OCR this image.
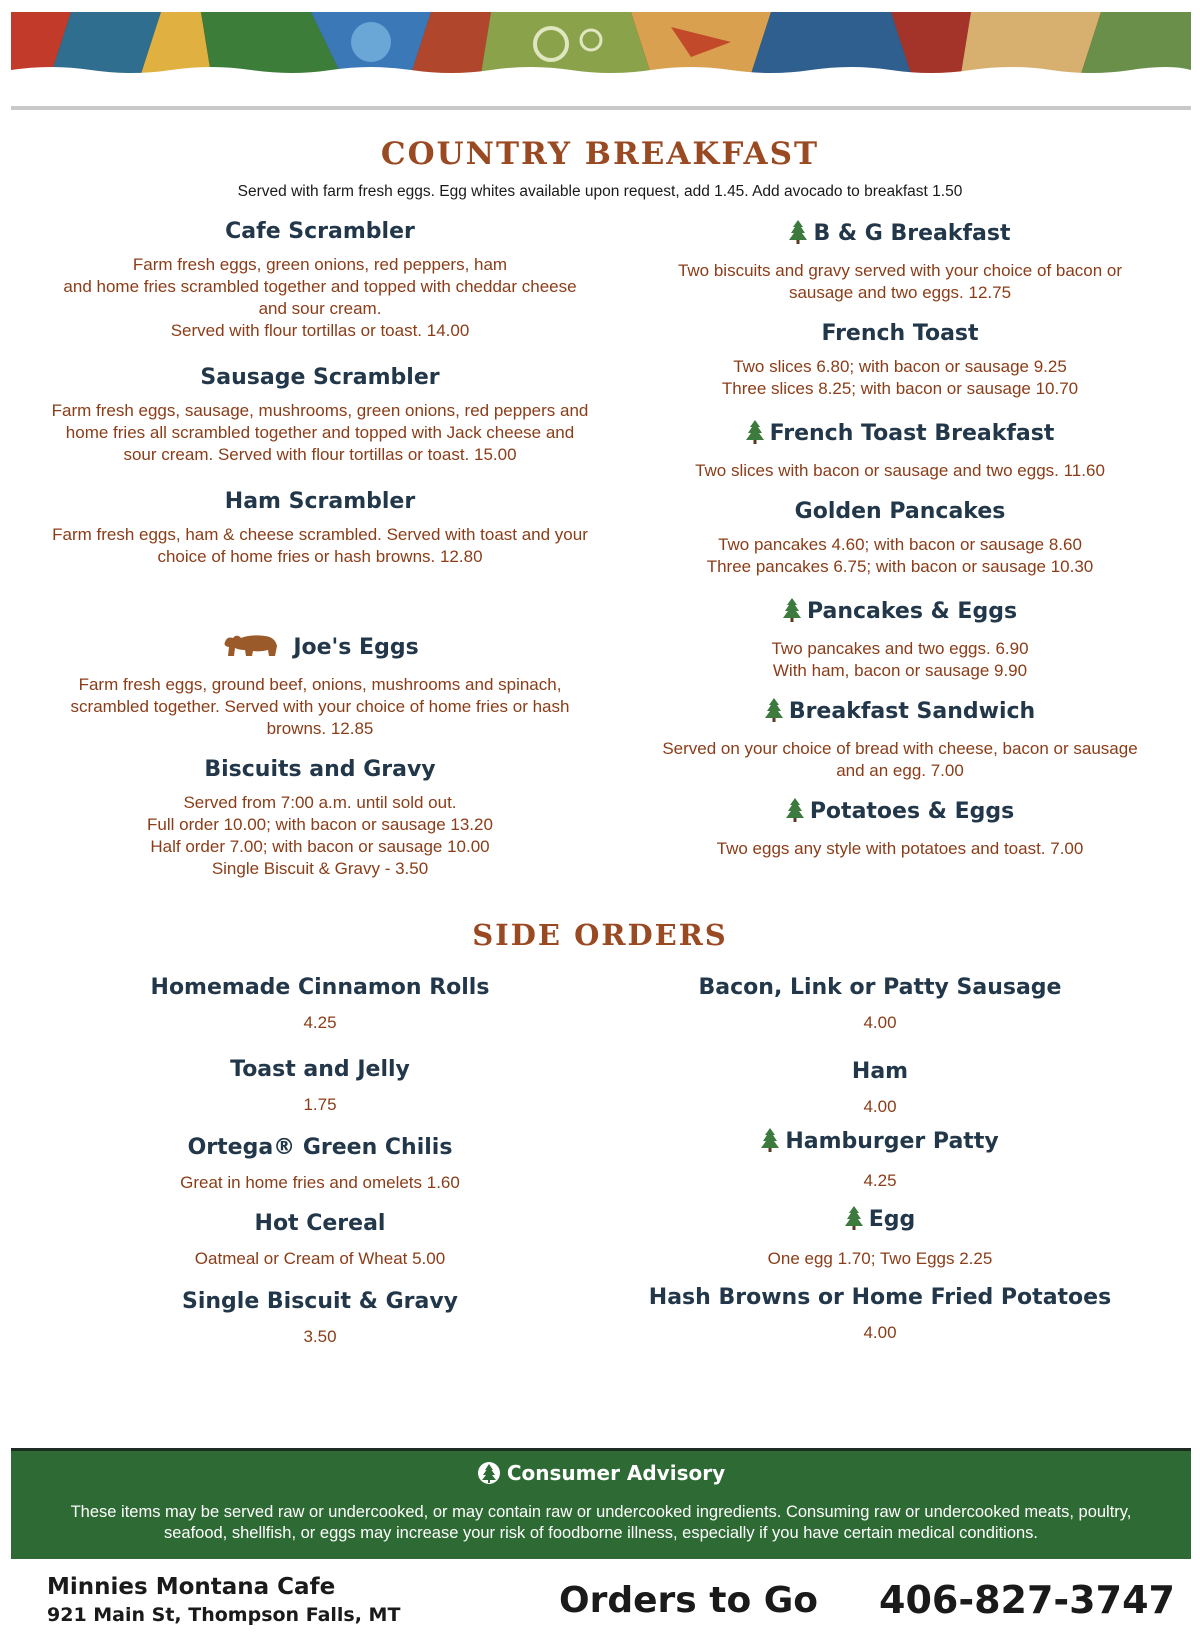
COUNTRY BREAKFAST
Served with farm fresh eggs. Egg whites available upon request, add 1.45. Add avocado to breakfast 1.50
Cafe Scrambler
Farm fresh eggs, green onions, red peppers, ham
and home fries scrambled together and topped with cheddar cheese
and sour cream.
Served with flour tortillas or toast. 14.00
Sausage Scrambler
Farm fresh eggs, sausage, mushrooms, green onions, red peppers and
home fries all scrambled together and topped with Jack cheese and
sour cream. Served with flour tortillas or toast. 15.00
Ham Scrambler
Farm fresh eggs, ham & cheese scrambled. Served with toast and your
choice of home fries or hash browns. 12.80
Joe's Eggs
Farm fresh eggs, ground beef, onions, mushrooms and spinach,
scrambled together. Served with your choice of home fries or hash
browns. 12.85
Biscuits and Gravy
Served from 7:00 a.m. until sold out.
Full order 10.00; with bacon or sausage 13.20
Half order 7.00; with bacon or sausage 10.00
Single Biscuit & Gravy - 3.50
B & G Breakfast
Two biscuits and gravy served with your choice of bacon or
sausage and two eggs. 12.75
French Toast
Two slices 6.80; with bacon or sausage 9.25
Three slices 8.25; with bacon or sausage 10.70
French Toast Breakfast
Two slices with bacon or sausage and two eggs. 11.60
Golden Pancakes
Two pancakes 4.60; with bacon or sausage 8.60
Three pancakes 6.75; with bacon or sausage 10.30
Pancakes & Eggs
Two pancakes and two eggs. 6.90
With ham, bacon or sausage 9.90
Breakfast Sandwich
Served on your choice of bread with cheese, bacon or sausage
and an egg. 7.00
Potatoes & Eggs
Two eggs any style with potatoes and toast. 7.00
SIDE ORDERS
Homemade Cinnamon Rolls
4.25
Toast and Jelly
1.75
Ortega® Green Chilis
Great in home fries and omelets 1.60
Hot Cereal
Oatmeal or Cream of Wheat 5.00
Single Biscuit & Gravy
3.50
Bacon, Link or Patty Sausage
4.00
Ham
4.00
Hamburger Patty
4.25
Egg
One egg 1.70; Two Eggs 2.25
Hash Browns or Home Fried Potatoes
4.00
Consumer Advisory
These items may be served raw or undercooked, or may contain raw or undercooked ingredients. Consuming raw or undercooked meats, poultry, seafood, shellfish, or eggs may increase your risk of foodborne illness, especially if you have certain medical conditions.
Minnies Montana Cafe
921 Main St, Thompson Falls, MT	Orders to Go 406-827-3747
